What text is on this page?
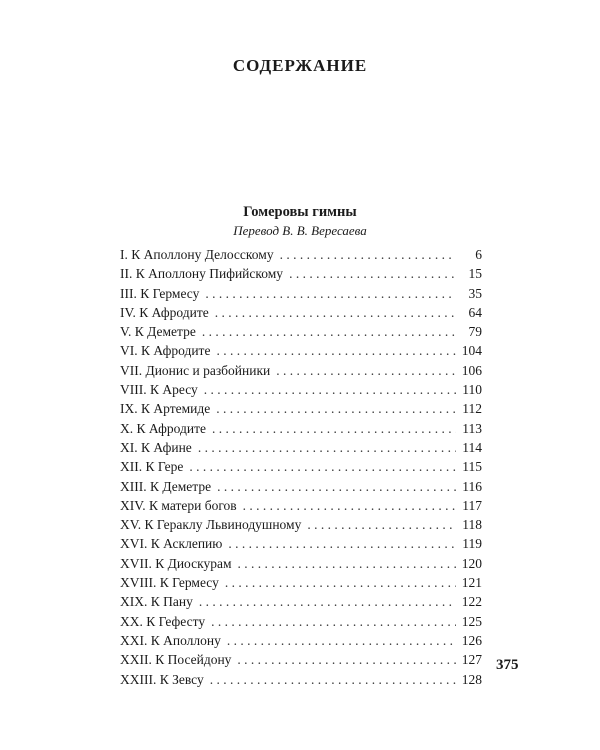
СОДЕРЖАНИЕ
Гомеровы гимны
Перевод В. В. Вересаева
I. К Аполлону Делосскому . . .	6
II. К Аполлону Пифийскому . . .	15
III. К Гермесу . . .	35
IV. К Афродите . . .	64
V. К Деметре . . .	79
VI. К Афродите . . .	104
VII. Дионис и разбойники . . .	106
VIII. К Аресу . . .	110
IX. К Артемиде . . .	112
X. К Афродите . . .	113
XI. К Афине . . .	114
XII. К Гере . . .	115
XIII. К Деметре . . .	116
XIV. К матери богов . . .	117
XV. К Гераклу Львинодушному . . .	118
XVI. К Асклепию . . .	119
XVII. К Диоскурам . . .	120
XVIII. К Гермесу . . .	121
XIX. К Пану . . .	122
XX. К Гефесту . . .	125
XXI. К Аполлону . . .	126
XXII. К Посейдону . . .	127
XXIII. К Зевсу . . .	128
375
